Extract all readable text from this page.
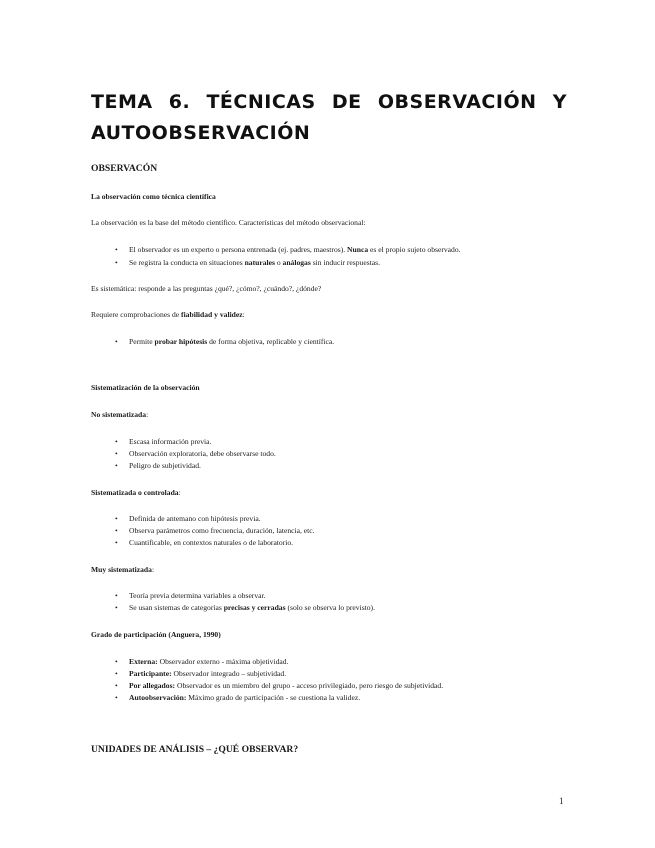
TEMA 6. TÉCNICAS DE OBSERVACIÓN Y
AUTOOBSERVACIÓN
OBSERVACÓN
La observación como técnica científica
La observación es la base del método científico. Características del método observacional:
• El observador es un experto o persona entrenada (ej. padres, maestros). Nunca es el propio sujeto observado.
• Se registra la conducta en situaciones naturales o análogas sin inducir respuestas.
Es sistemática: responde a las preguntas ¿qué?, ¿cómo?, ¿cuándo?, ¿dónde?
Requiere comprobaciones de fiabilidad y validez:
• Permite probar hipótesis de forma objetiva, replicable y científica.
Sistematización de la observación
No sistematizada:
• Escasa información previa.
• Observación exploratoria, debe observarse todo.
• Peligro de subjetividad.
Sistematizada o controlada:
• Definida de antemano con hipótesis previa.
• Observa parámetros como frecuencia, duración, latencia, etc.
• Cuantificable, en contextos naturales o de laboratorio.
Muy sistematizada:
• Teoría previa determina variables a observar.
• Se usan sistemas de categorías precisas y cerradas (solo se observa lo previsto).
Grado de participación (Anguera, 1990)
• Externa: Observador externo - máxima objetividad.
• Participante: Observador integrado – subjetividad.
• Por allegados: Observador es un miembro del grupo - acceso privilegiado, pero riesgo de subjetividad.
• Autoobservación: Máximo grado de participación - se cuestiona la validez.
UNIDADES DE ANÁLISIS – ¿QUÉ OBSERVAR?
1
